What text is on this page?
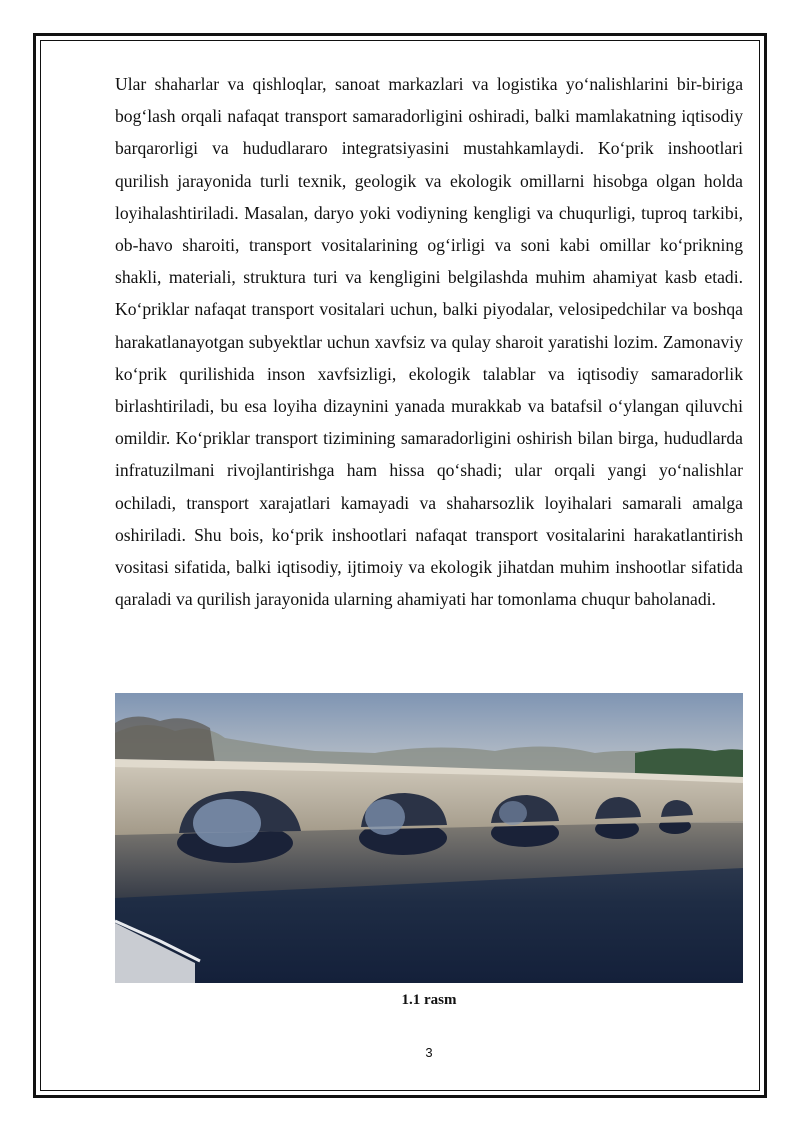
Ular shaharlar va qishloqlar, sanoat markazlari va logistika yo‘nalishlarini bir-biriga bog‘lash orqali nafaqat transport samaradorligini oshiradi, balki mamlakatning iqtisodiy barqarorligi va hududlararo integratsiyasini mustahkamlaydi. Ko‘prik inshootlari qurilish jarayonida turli texnik, geologik va ekologik omillarni hisobga olgan holda loyihalashtiriladi. Masalan, daryo yoki vodiyning kengligi va chuqurligi, tuproq tarkibi, ob-havo sharoiti, transport vositalarining og‘irligi va soni kabi omillar ko‘prikning shakli, materiali, struktura turi va kengligini belgilashda muhim ahamiyat kasb etadi. Ko‘priklar nafaqat transport vositalari uchun, balki piyodalar, velosipedchilar va boshqa harakatlanayotgan subyektlar uchun xavfsiz va qulay sharoit yaratishi lozim. Zamonaviy ko‘prik qurilishida inson xavfsizligi, ekologik talablar va iqtisodiy samaradorlik birlashtiriladi, bu esa loyiha dizaynini yanada murakkab va batafsil o‘ylangan qiluvchi omildir. Ko‘priklar transport tizimining samaradorligini oshirish bilan birga, hududlarda infratuzilmani rivojlantirishga ham hissa qo‘shadi; ular orqali yangi yo‘nalishlar ochiladi, transport xarajatlari kamayadi va shaharsozlik loyihalari samarali amalga oshiriladi. Shu bois, ko‘prik inshootlari nafaqat transport vositalarini harakatlantirish vositasi sifatida, balki iqtisodiy, ijtimoiy va ekologik jihatdan muhim inshootlar sifatida qaraladi va qurilish jarayonida ularning ahamiyati har tomonlama chuqur baholanadi.

1.1 rasm
3
